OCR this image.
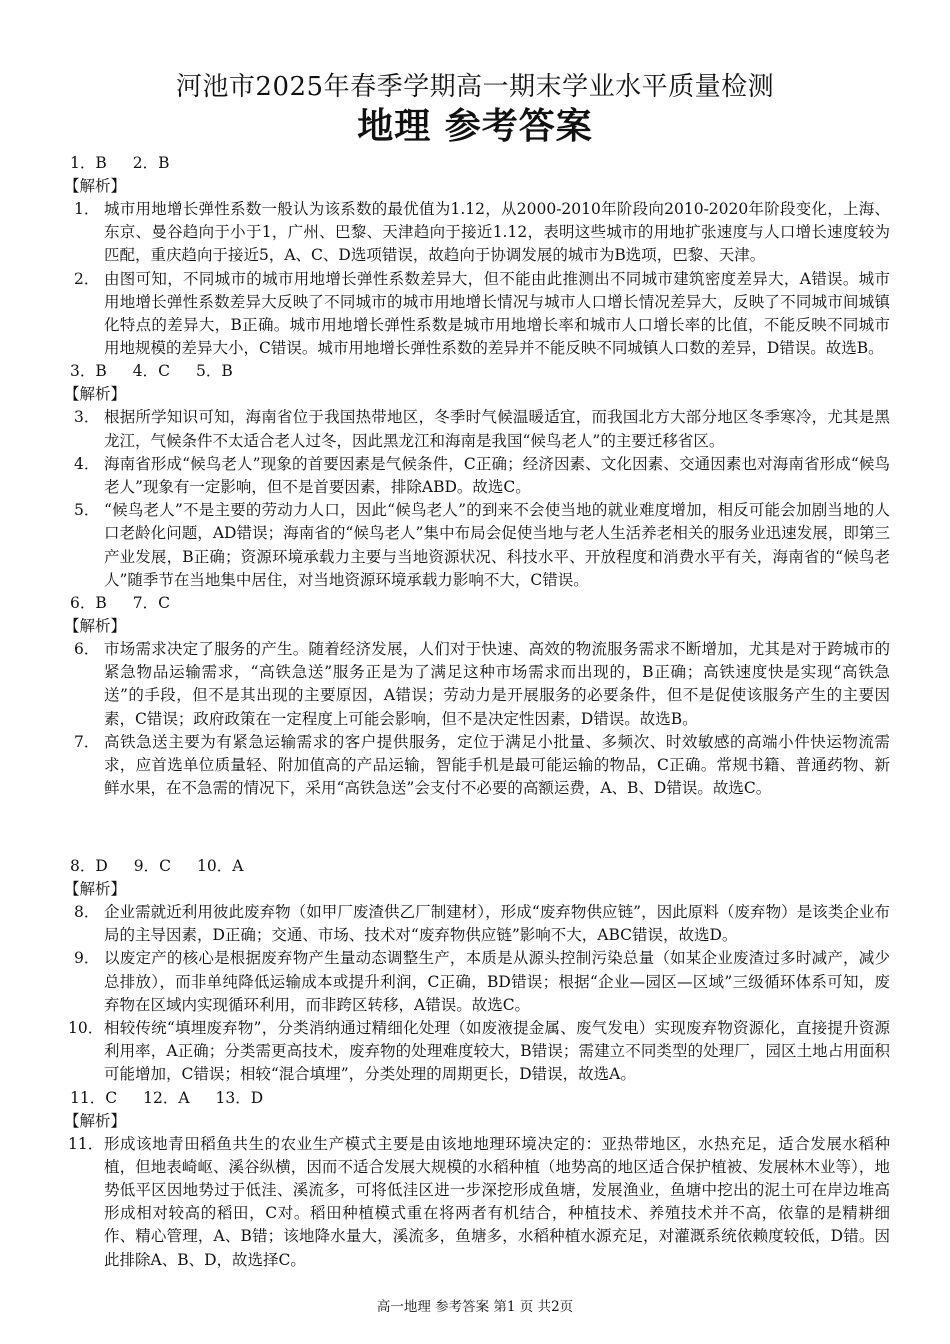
河池市2025年春季学期高一期末学业水平质量检测
地理 参考答案
1．B 2．B
【解析】
1． 城市用地增长弹性系数一般认为该系数的最优值为1.12，从2000-2010年阶段向2010-2020年阶段变化，上海、东京、曼谷趋向于小于1，广州、巴黎、天津趋向于接近1.12，表明这些城市的用地扩张速度与人口增长速度较为匹配，重庆趋向于接近5，A、C、D选项错误，故趋向于协调发展的城市为B选项，巴黎、天津。
2． 由图可知，不同城市的城市用地增长弹性系数差异大，但不能由此推测出不同城市建筑密度差异大，A错误。城市用地增长弹性系数差异大反映了不同城市的城市用地增长情况与城市人口增长情况差异大，反映了不同城市间城镇化特点的差异大，B正确。城市用地增长弹性系数是城市用地增长率和城市人口增长率的比值，不能反映不同城市用地规模的差异大小，C错误。城市用地增长弹性系数的差异并不能反映不同城镇人口数的差异，D错误。故选B。
3．B 4．C 5．B
【解析】
3． 根据所学知识可知，海南省位于我国热带地区，冬季时气候温暖适宜，而我国北方大部分地区冬季寒冷，尤其是黑龙江，气候条件不太适合老人过冬，因此黑龙江和海南是我国“候鸟老人”的主要迁移省区。
4． 海南省形成“候鸟老人”现象的首要因素是气候条件，C正确；经济因素、文化因素、交通因素也对海南省形成“候鸟老人”现象有一定影响，但不是首要因素，排除ABD。故选C。
5． “候鸟老人”不是主要的劳动力人口，因此“候鸟老人”的到来不会使当地的就业难度增加，相反可能会加剧当地的人口老龄化问题，AD错误；海南省的“候鸟老人”集中布局会促使当地与老人生活养老相关的服务业迅速发展，即第三产业发展，B正确；资源环境承载力主要与当地资源状况、科技水平、开放程度和消费水平有关，海南省的“候鸟老人”随季节在当地集中居住，对当地资源环境承载力影响不大，C错误。
6．B 7．C
【解析】
6． 市场需求决定了服务的产生。随着经济发展，人们对于快速、高效的物流服务需求不断增加，尤其是对于跨城市的紧急物品运输需求，“高铁急送”服务正是为了满足这种市场需求而出现的，B正确；高铁速度快是实现“高铁急送”的手段，但不是其出现的主要原因，A错误；劳动力是开展服务的必要条件，但不是促使该服务产生的主要因素，C错误；政府政策在一定程度上可能会影响，但不是决定性因素，D错误。故选B。
7． 高铁急送主要为有紧急运输需求的客户提供服务，定位于满足小批量、多频次、时效敏感的高端小件快运物流需求，应首选单位质量轻、附加值高的产品运输，智能手机是最可能运输的物品，C正确。常规书籍、普通药物、新鲜水果，在不急需的情况下，采用“高铁急送”会支付不必要的高额运费，A、B、D错误。故选C。
8．D 9．C 10．A
【解析】
8． 企业需就近利用彼此废弃物（如甲厂废渣供乙厂制建材），形成“废弃物供应链”，因此原料（废弃物）是该类企业布局的主导因素，D正确；交通、市场、技术对“废弃物供应链”影响不大，ABC错误，故选D。
9． 以废定产的核心是根据废弃物产生量动态调整生产，本质是从源头控制污染总量（如某企业废渣过多时减产，减少总排放），而非单纯降低运输成本或提升利润，C正确，BD错误；根据“企业—园区—区域”三级循环体系可知，废弃物在区域内实现循环利用，而非跨区转移，A错误。故选C。
10． 相较传统“填埋废弃物”，分类消纳通过精细化处理（如废液提金属、废气发电）实现废弃物资源化，直接提升资源利用率，A正确；分类需更高技术，废弃物的处理难度较大，B错误；需建立不同类型的处理厂，园区土地占用面积可能增加，C错误；相较“混合填埋”，分类处理的周期更长，D错误，故选A。
11．C 12．A 13．D
【解析】
11． 形成该地青田稻鱼共生的农业生产模式主要是由该地地理环境决定的：亚热带地区，水热充足，适合发展水稻种植，但地表崎岖、溪谷纵横，因而不适合发展大规模的水稻种植（地势高的地区适合保护植被、发展林木业等），地势低平区因地势过于低洼、溪流多，可将低洼区进一步深挖形成鱼塘，发展渔业，鱼塘中挖出的泥土可在岸边堆高形成相对较高的稻田，C对。稻田种植模式重在将两者有机结合，种植技术、养殖技术并不高，依靠的是精耕细作、精心管理，A、B错；该地降水量大，溪流多，鱼塘多，水稻种植水源充足，对灌溉系统依赖度较低，D错。因此排除A、B、D，故选择C。
高一地理 参考答案 第1 页 共2页
